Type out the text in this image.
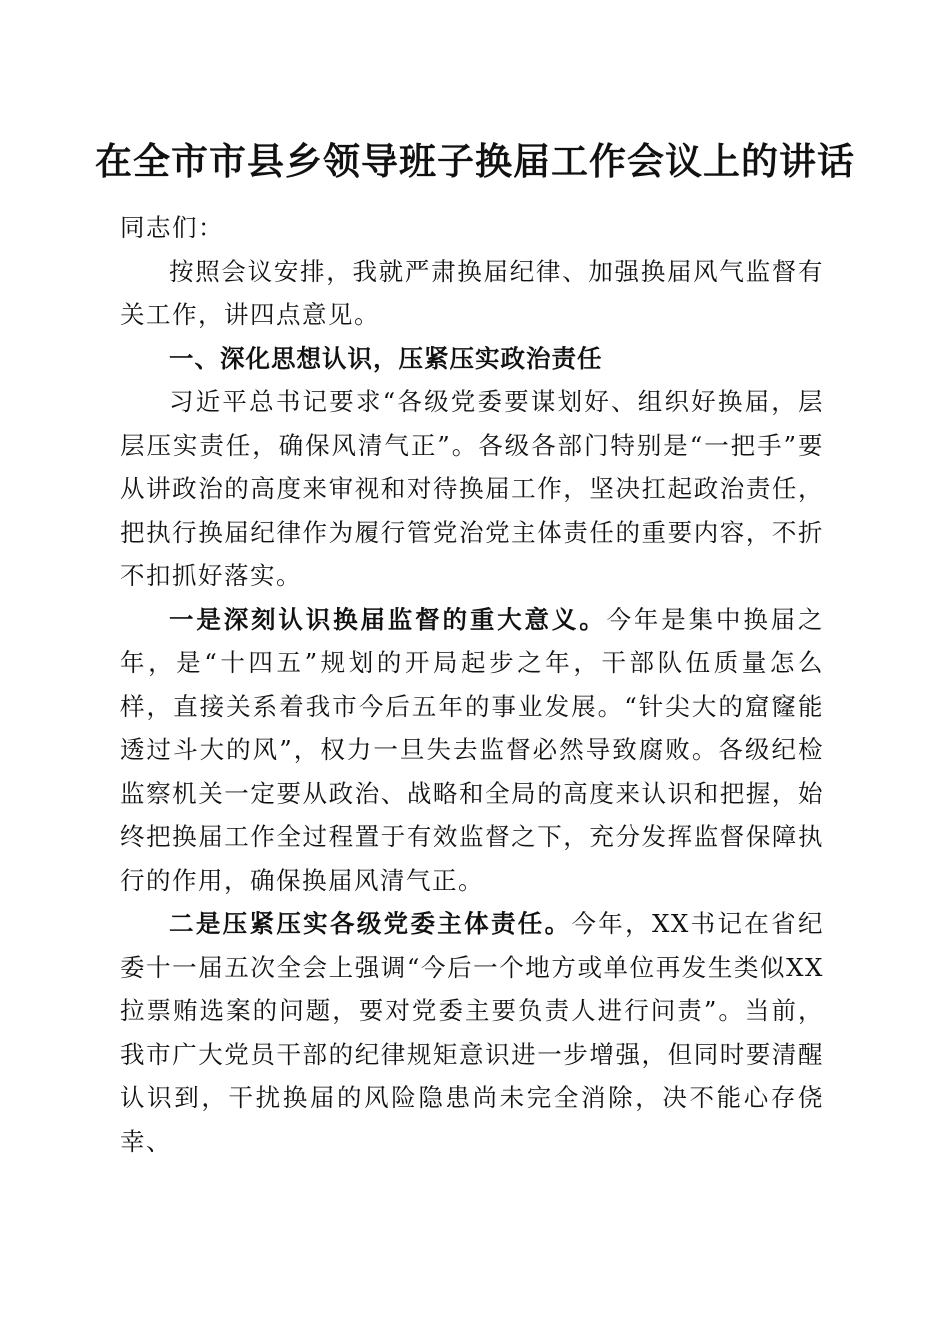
在全市市县乡领导班子换届工作会议上的讲话

同志们：

按照会议安排，我就严肃换届纪律、加强换届风气监督有关工作，讲四点意见。

一、深化思想认识，压紧压实政治责任

习近平总书记要求“各级党委要谋划好、组织好换届，层层压实责任，确保风清气正”。各级各部门特别是“一把手”要从讲政治的高度来审视和对待换届工作，坚决扛起政治责任，把执行换届纪律作为履行管党治党主体责任的重要内容，不折不扣抓好落实。

一是深刻认识换届监督的重大意义。今年是集中换届之年，是“十四五”规划的开局起步之年，干部队伍质量怎么样，直接关系着我市今后五年的事业发展。“针尖大的窟窿能透过斗大的风”，权力一旦失去监督必然导致腐败。各级纪检监察机关一定要从政治、战略和全局的高度来认识和把握，始终把换届工作全过程置于有效监督之下，充分发挥监督保障执行的作用，确保换届风清气正。

二是压紧压实各级党委主体责任。今年，XX书记在省纪委十一届五次全会上强调“今后一个地方或单位再发生类似XX拉票贿选案的问题，要对党委主要负责人进行问责”。当前，我市广大党员干部的纪律规矩意识进一步增强，但同时要清醒认识到，干扰换届的风险隐患尚未完全消除，决不能心存侥幸、
